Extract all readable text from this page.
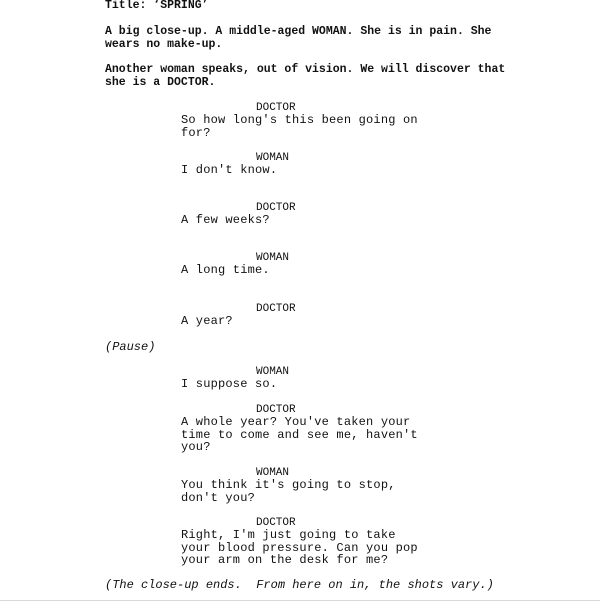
Title: ‘SPRING’
A big close-up. A middle-aged WOMAN. She is in pain. She
wears no make-up.
Another woman speaks, out of vision. We will discover that
she is a DOCTOR.
DOCTOR
So how long's this been going on
for?
WOMAN
I don't know.
DOCTOR
A few weeks?
WOMAN
A long time.
DOCTOR
A year?
(Pause)
WOMAN
I suppose so.
DOCTOR
A whole year? You've taken your
time to come and see me, haven't
you?
WOMAN
You think it's going to stop,
don't you?
DOCTOR
Right, I'm just going to take
your blood pressure. Can you pop
your arm on the desk for me?
(The close-up ends.  From here on in, the shots vary.)
